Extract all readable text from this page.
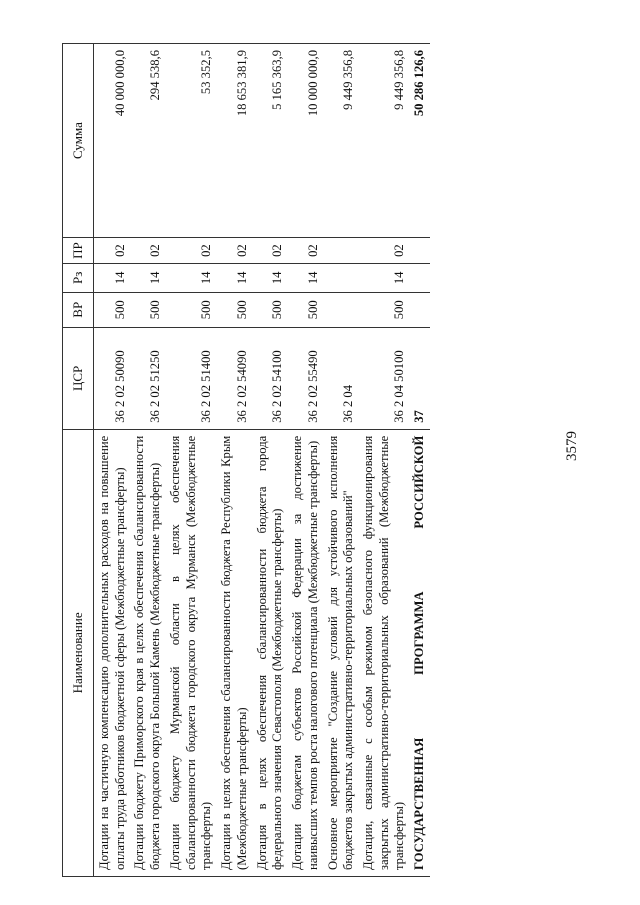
3579
Наименование	ЦСР	ВР	Рз	ПР	Сумма
Дотации на частичную компенсацию дополнительных расходов на повышение оплаты труда работников бюджетной сферы (Межбюджетные трансферты)	36 2 02 50090	500	14	02	40 000 000,0
Дотации бюджету Приморского края в целях обеспечения сбалансированности бюджета городского округа Большой Камень (Межбюджетные трансферты)	36 2 02 51250	500	14	02	294 538,6
Дотации бюджету Мурманской области в целях обеспечения сбалансированности бюджета городского округа Мурманск (Межбюджетные трансферты)	36 2 02 51400	500	14	02	53 352,5
Дотации в целях обеспечения сбалансированности бюджета Республики Крым (Межбюджетные трансферты)	36 2 02 54090	500	14	02	18 653 381,9
Дотация в целях обеспечения сбалансированности бюджета города федерального значения Севастополя (Межбюджетные трансферты)	36 2 02 54100	500	14	02	5 165 363,9
Дотации бюджетам субъектов Российской Федерации за достижение наивысших темпов роста налогового потенциала (Межбюджетные трансферты)	36 2 02 55490	500	14	02	10 000 000,0
Основное мероприятие "Создание условий для устойчивого исполнения бюджетов закрытых административно-территориальных образований"	36 2 04				9 449 356,8
Дотации, связанные с особым режимом безопасного функционирования закрытых административно-территориальных образований (Межбюджетные трансферты)	36 2 04 50100	500	14	02	9 449 356,8
ГОСУДАРСТВЕННАЯ ПРОГРАММА РОССИЙСКОЙ	37				50 286 126,6
